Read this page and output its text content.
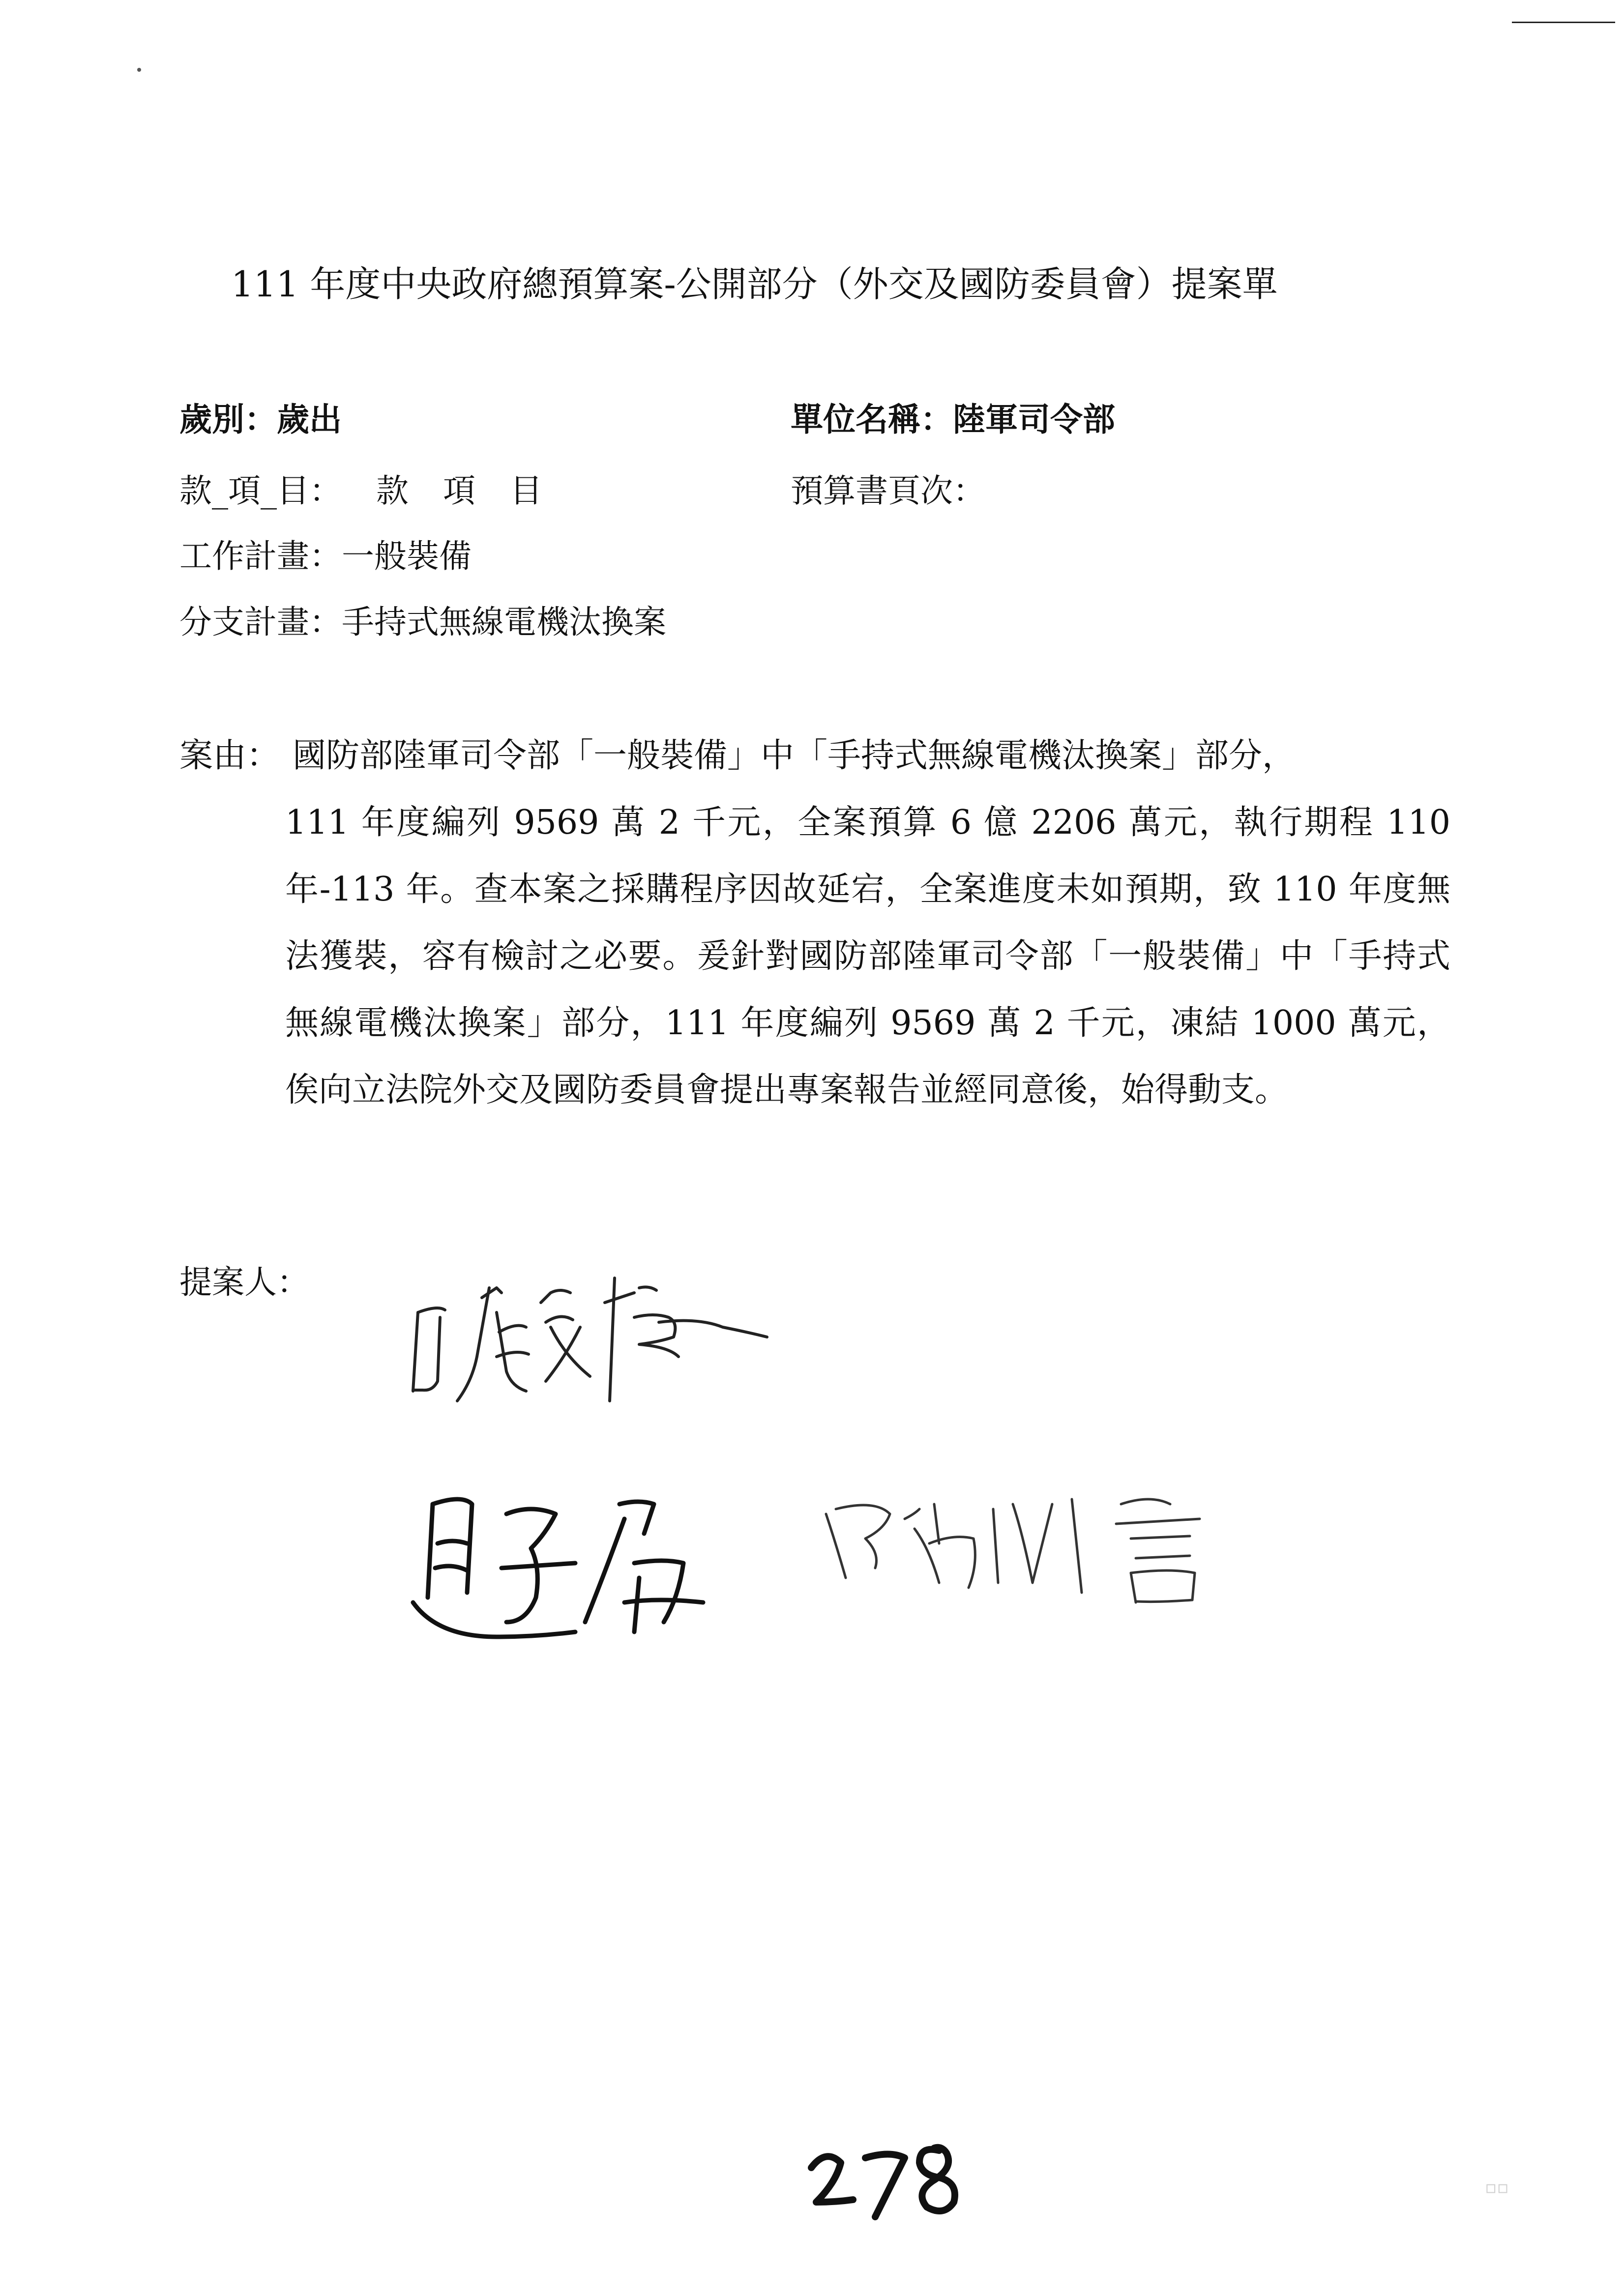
111 年度中央政府總預算案-公開部分（外交及國防委員會）提案單
歲別：歲出	單位名稱：陸軍司令部
款_項_目： 款 項 目	預算書頁次：
工作計畫：一般裝備
分支計畫：手持式無線電機汰換案
案由： 國防部陸軍司令部「一般裝備」中「手持式無線電機汰換案」部分，
111 年度編列 9569 萬 2 千元，全案預算 6 億 2206 萬元，執行期程 110 年-113 年。查本案之採購程序因故延宕，全案進度未如預期，致 110 年度無法獲裝，容有檢討之必要。爰針對國防部陸軍司令部「一般裝備」中「手持式無線電機汰換案」部分，111 年度編列 9569 萬 2 千元，凍結 1000 萬元，俟向立法院外交及國防委員會提出專案報告並經同意後，始得動支。
提案人：
▫▫
